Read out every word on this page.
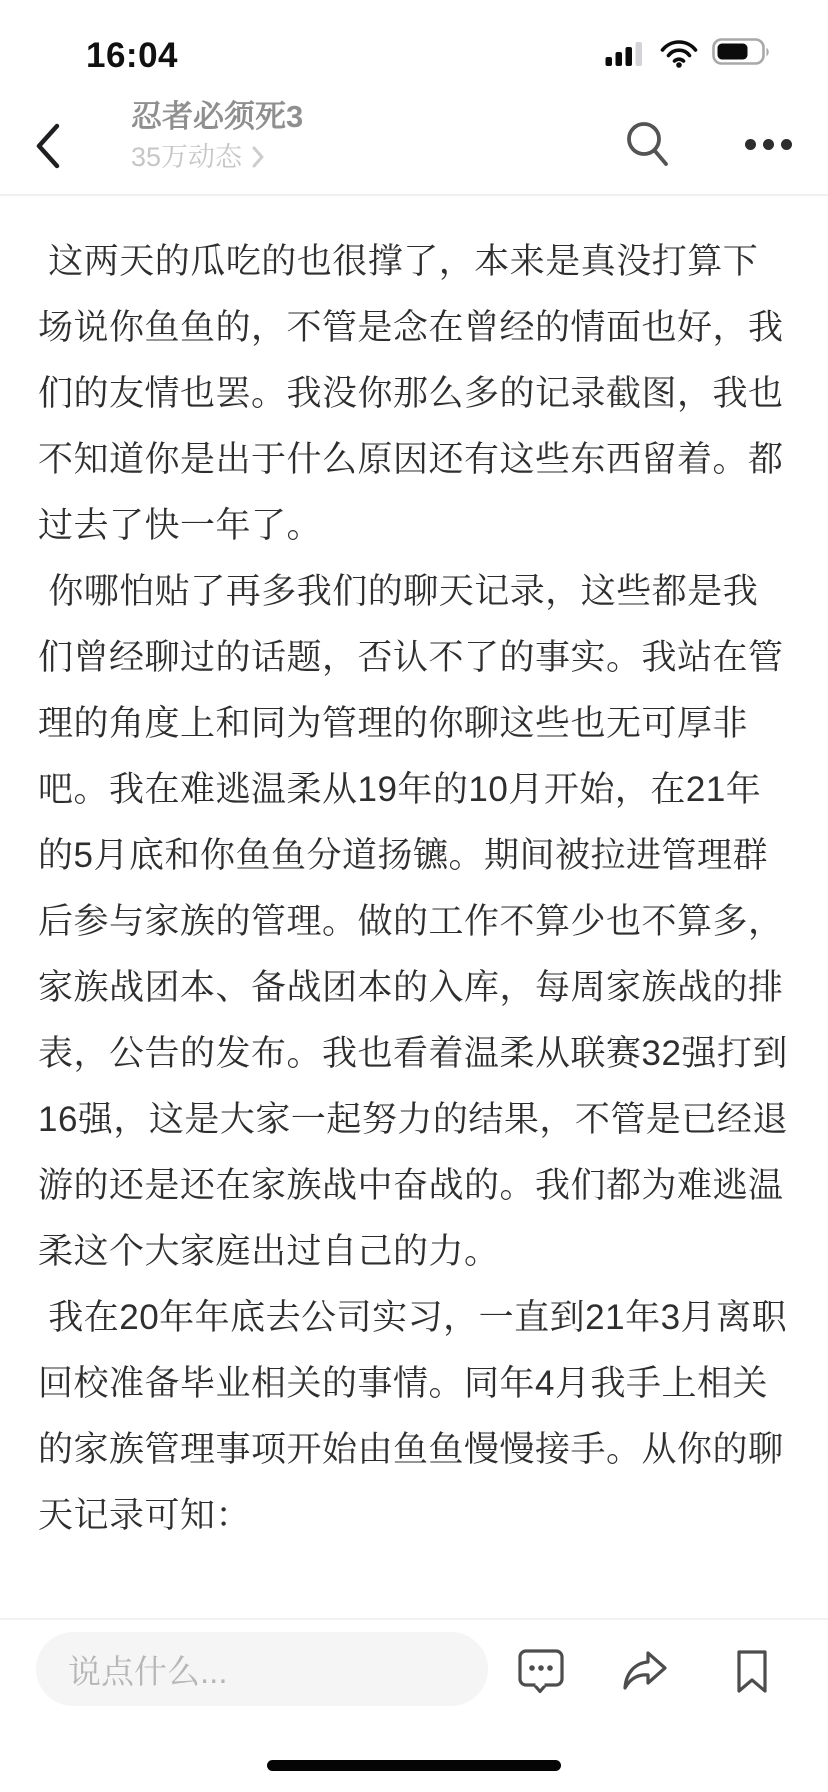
16:04
忍者必须死3
35万动态

这两天的瓜吃的也很撑了，本来是真没打算下场说你鱼鱼的，不管是念在曾经的情面也好，我们的友情也罢。我没你那么多的记录截图，我也不知道你是出于什么原因还有这些东西留着。都过去了快一年了。

你哪怕贴了再多我们的聊天记录，这些都是我们曾经聊过的话题，否认不了的事实。我站在管理的角度上和同为管理的你聊这些也无可厚非吧。我在难逃温柔从19年的10月开始，在21年的5月底和你鱼鱼分道扬镳。期间被拉进管理群后参与家族的管理。做的工作不算少也不算多，家族战团本、备战团本的入库，每周家族战的排表，公告的发布。我也看着温柔从联赛32强打到16强，这是大家一起努力的结果，不管是已经退游的还是还在家族战中奋战的。我们都为难逃温柔这个大家庭出过自己的力。

我在20年年底去公司实习，一直到21年3月离职回校准备毕业相关的事情。同年4月我手上相关的家族管理事项开始由鱼鱼慢慢接手。从你的聊天记录可知：

说点什么...
